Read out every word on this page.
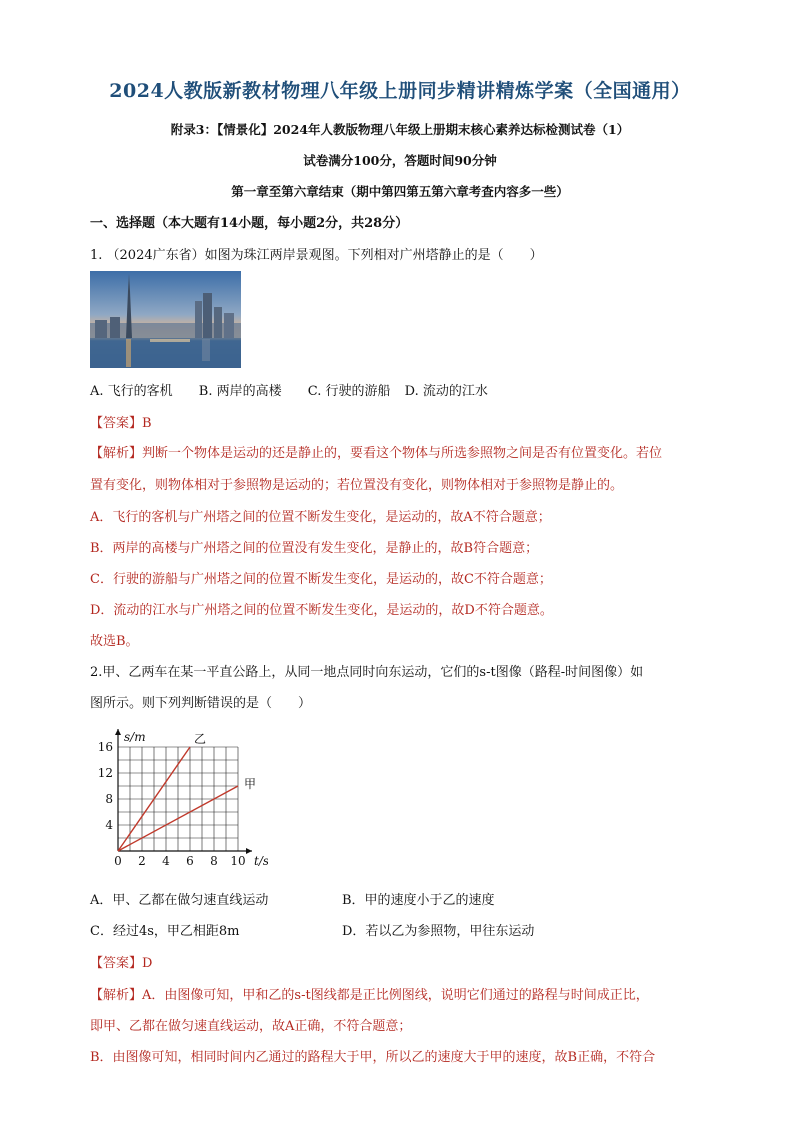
2024人教版新教材物理八年级上册同步精讲精炼学案（全国通用）
附录3：【情景化】2024年人教版物理八年级上册期末核心素养达标检测试卷（1）
试卷满分100分，答题时间90分钟
第一章至第六章结束（期中第四第五第六章考查内容多一些）
一、选择题（本大题有14小题，每小题2分，共28分）
1. （2024广东省）如图为珠江两岸景观图。下列相对广州塔静止的是（　　）
A. 飞行的客机 B. 两岸的高楼 C. 行驶的游船 D. 流动的江水
【答案】B
【解析】判断一个物体是运动的还是静止的，要看这个物体与所选参照物之间是否有位置变化。若位
置有变化，则物体相对于参照物是运动的；若位置没有变化，则物体相对于参照物是静止的。
A．飞行的客机与广州塔之间的位置不断发生变化，是运动的，故A不符合题意；
B．两岸的高楼与广州塔之间的位置没有发生变化，是静止的，故B符合题意；
C．行驶的游船与广州塔之间的位置不断发生变化，是运动的，故C不符合题意；
D．流动的江水与广州塔之间的位置不断发生变化，是运动的，故D不符合题意。
故选B。
2.甲、乙两车在某一平直公路上，从同一地点同时向东运动，它们的s-t图像（路程-时间图像）如
图所示。则下列判断错误的是（　　）
0 2 4 6 8 10
4
8
12
16
s/m
t/s
甲
乙
A．甲、乙都在做匀速直线运动	B．甲的速度小于乙的速度
C．经过4s，甲乙相距8m	D．若以乙为参照物，甲往东运动
【答案】D
【解析】A．由图像可知，甲和乙的s-t图线都是正比例图线，说明它们通过的路程与时间成正比，
即甲、乙都在做匀速直线运动，故A正确，不符合题意；
B．由图像可知，相同时间内乙通过的路程大于甲，所以乙的速度大于甲的速度，故B正确，不符合
